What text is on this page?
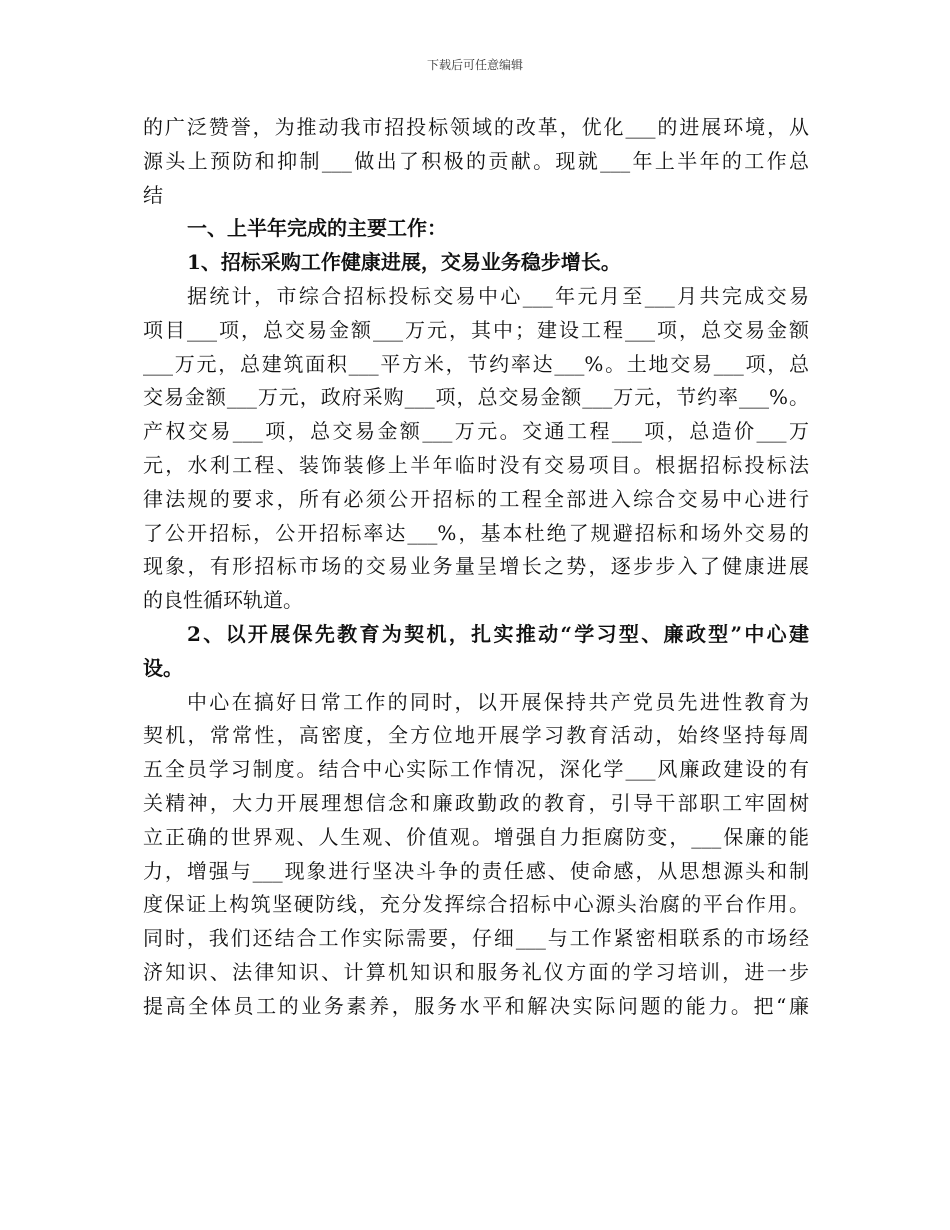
下载后可任意编辑
的广泛赞誉，为推动我市招投标领域的改革，优化___的进展环境，从
源头上预防和抑制___做出了积极的贡献。现就___年上半年的工作总
结
一、上半年完成的主要工作：
1、招标采购工作健康进展，交易业务稳步增长。
据统计，市综合招标投标交易中心___年元月至___月共完成交易
项目___项，总交易金额___万元，其中；建设工程___项，总交易金额
___万元，总建筑面积___平方米，节约率达___%。土地交易___项，总
交易金额___万元，政府采购___项，总交易金额___万元，节约率___%。
产权交易___项，总交易金额___万元。交通工程___项，总造价___万
元，水利工程、装饰装修上半年临时没有交易项目。根据招标投标法
律法规的要求，所有必须公开招标的工程全部进入综合交易中心进行
了公开招标，公开招标率达___%，基本杜绝了规避招标和场外交易的
现象，有形招标市场的交易业务量呈增长之势，逐步步入了健康进展
的良性循环轨道。
2、以开展保先教育为契机，扎实推动“学习型、廉政型”中心建
设。
中心在搞好日常工作的同时，以开展保持共产党员先进性教育为
契机，常常性，高密度，全方位地开展学习教育活动，始终坚持每周
五全员学习制度。结合中心实际工作情况，深化学___风廉政建设的有
关精神，大力开展理想信念和廉政勤政的教育，引导干部职工牢固树
立正确的世界观、人生观、价值观。增强自力拒腐防变，___保廉的能
力，增强与___现象进行坚决斗争的责任感、使命感，从思想源头和制
度保证上构筑坚硬防线，充分发挥综合招标中心源头治腐的平台作用。
同时，我们还结合工作实际需要，仔细___与工作紧密相联系的市场经
济知识、法律知识、计算机知识和服务礼仪方面的学习培训，进一步
提高全体员工的业务素养，服务水平和解决实际问题的能力。把“廉
